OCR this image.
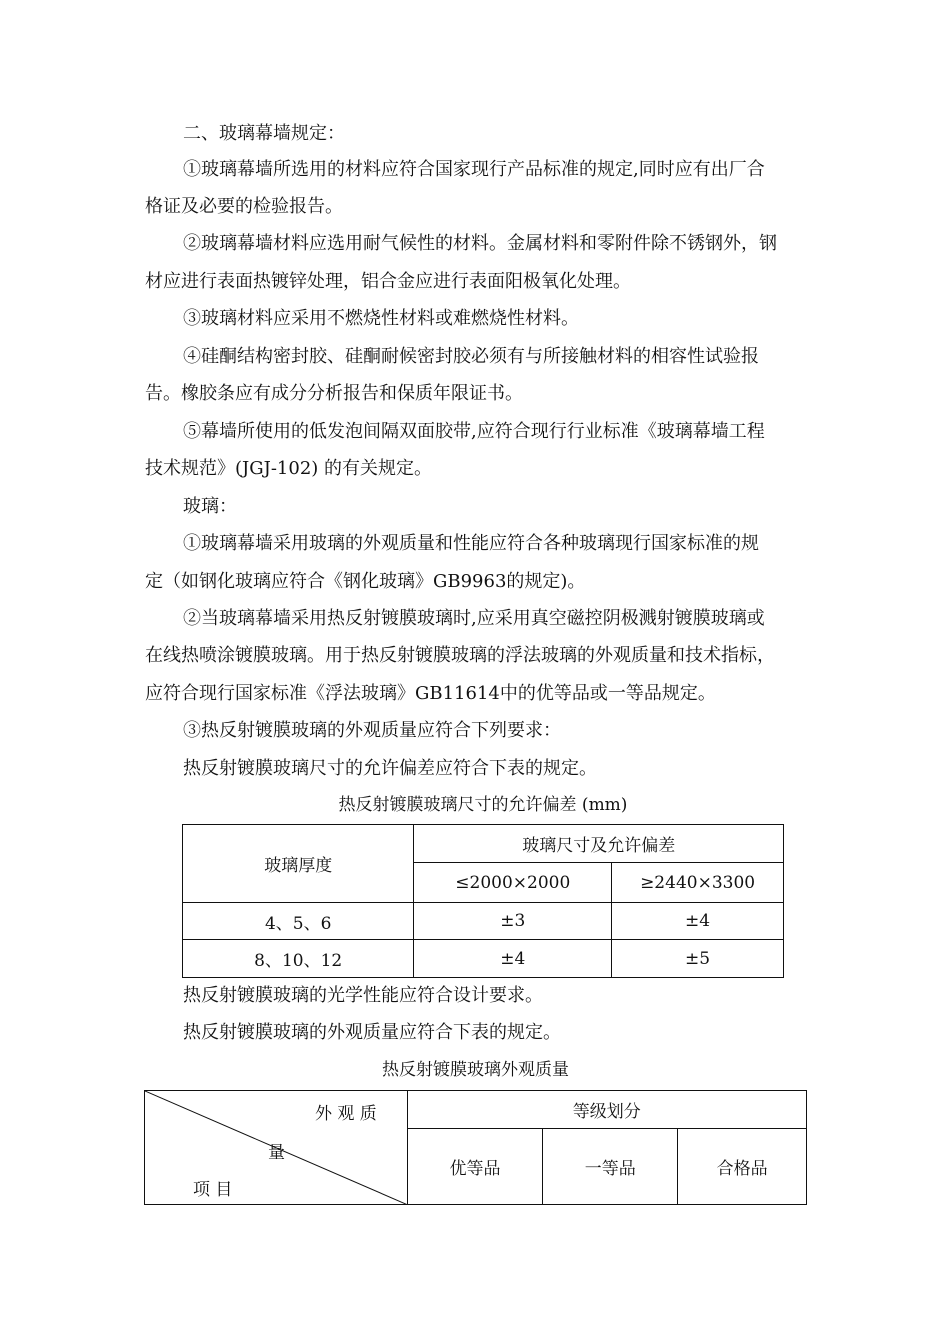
二、玻璃幕墙规定：
①玻璃幕墙所选用的材料应符合国家现行产品标准的规定,同时应有出厂合
格证及必要的检验报告。
②玻璃幕墙材料应选用耐气候性的材料。金属材料和零附件除不锈钢外，钢
材应进行表面热镀锌处理，铝合金应进行表面阳极氧化处理。
③玻璃材料应采用不燃烧性材料或难燃烧性材料。
④硅酮结构密封胶、硅酮耐候密封胶必须有与所接触材料的相容性试验报
告。橡胶条应有成分分析报告和保质年限证书。
⑤幕墙所使用的低发泡间隔双面胶带,应符合现行行业标准《玻璃幕墙工程
技术规范》(JGJ-102) 的有关规定。
玻璃：
①玻璃幕墙采用玻璃的外观质量和性能应符合各种玻璃现行国家标准的规
定（如钢化玻璃应符合《钢化玻璃》GB9963的规定)。
②当玻璃幕墙采用热反射镀膜玻璃时,应采用真空磁控阴极溅射镀膜玻璃或
在线热喷涂镀膜玻璃。用于热反射镀膜玻璃的浮法玻璃的外观质量和技术指标，
应符合现行国家标准《浮法玻璃》GB11614中的优等品或一等品规定。
③热反射镀膜玻璃的外观质量应符合下列要求：
热反射镀膜玻璃尺寸的允许偏差应符合下表的规定。
热反射镀膜玻璃尺寸的允许偏差 (mm)
玻璃厚度	玻璃尺寸及允许偏差	
	≤2000×2000	≥2440×3300
4、5、6	±3	±4
8、10、12	±4	±5
热反射镀膜玻璃的光学性能应符合设计要求。
热反射镀膜玻璃的外观质量应符合下表的规定。
热反射镀膜玻璃外观质量
外 观 质
量
项 目	等级划分		
	优等品	一等品	合格品
